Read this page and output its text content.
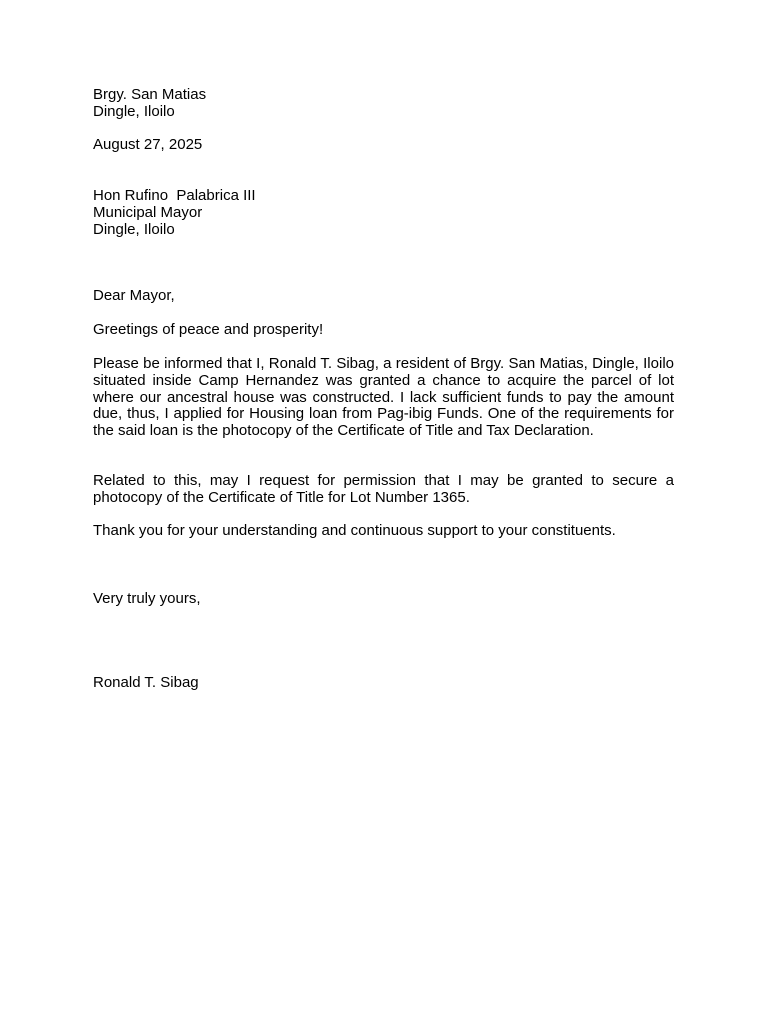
Brgy. San Matias
Dingle, Iloilo
August 27, 2025
Hon Rufino  Palabrica III
Municipal Mayor
Dingle, Iloilo
Dear Mayor,
Greetings of peace and prosperity!
Please be informed that I, Ronald T. Sibag, a resident of Brgy. San Matias, Dingle, Iloilo situated inside Camp Hernandez was granted a chance to acquire the parcel of lot where our ancestral house was constructed. I lack sufficient funds to pay the amount due, thus, I applied for Housing loan from Pag-ibig Funds. One of the requirements for the said loan is the photocopy of the Certificate of Title and Tax Declaration.
Related to this, may I request for permission that I may be granted to secure a photocopy of the Certificate of Title for Lot Number 1365.
Thank you for your understanding and continuous support to your constituents.
Very truly yours,
Ronald T. Sibag
